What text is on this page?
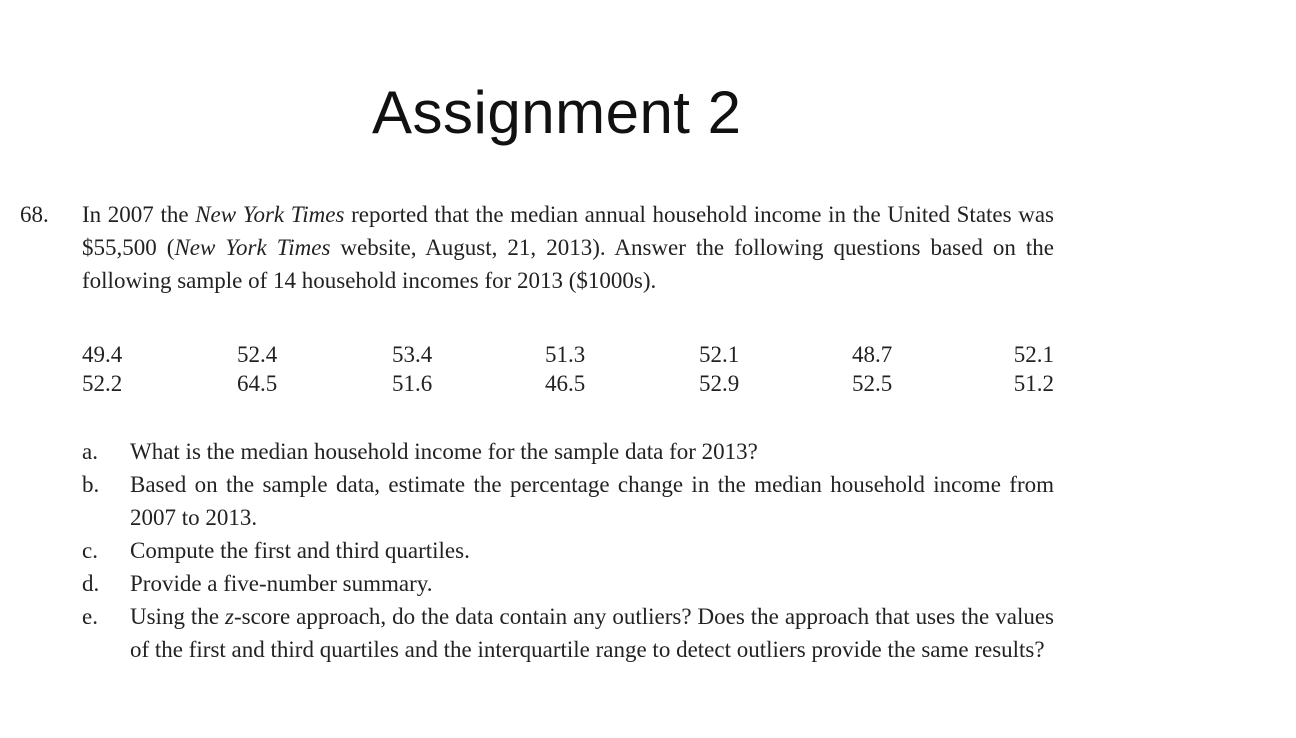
Assignment 2
68. In 2007 the New York Times reported that the median annual household income in the United States was $55,500 (New York Times website, August, 21, 2013). Answer the following questions based on the following sample of 14 household incomes for 2013 ($1000s).
49.4	52.4	53.4	51.3	52.1	48.7	52.1
52.2	64.5	51.6	46.5	52.9	52.5	51.2
a. What is the median household income for the sample data for 2013?
b. Based on the sample data, estimate the percentage change in the median household income from 2007 to 2013.
c. Compute the first and third quartiles.
d. Provide a five-number summary.
e. Using the z-score approach, do the data contain any outliers? Does the approach that uses the values of the first and third quartiles and the interquartile range to detect outliers provide the same results?
